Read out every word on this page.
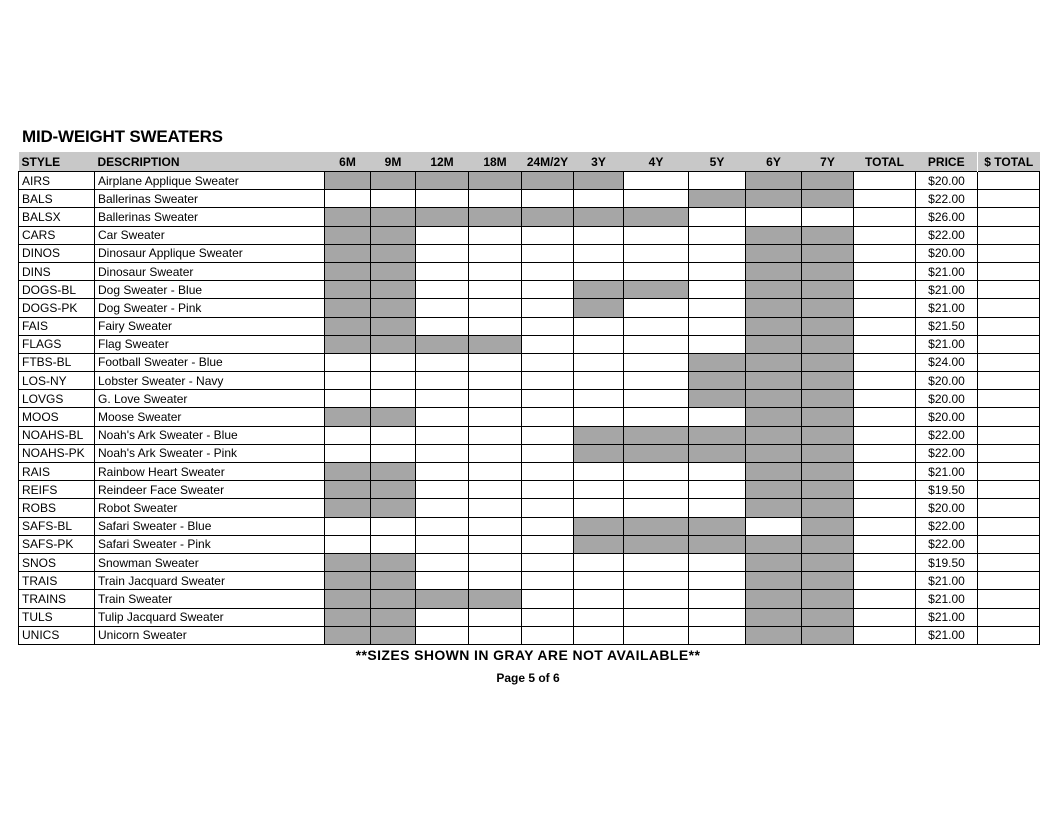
MID-WEIGHT SWEATERS
STYLE	DESCRIPTION	6M	9M	12M	18M	24M/2Y	3Y	4Y	5Y	6Y	7Y	TOTAL	PRICE	$ TOTAL
AIRS	Airplane Applique Sweater												$20.00	
BALS	Ballerinas Sweater												$22.00	
BALSX	Ballerinas Sweater												$26.00	
CARS	Car Sweater												$22.00	
DINOS	Dinosaur Applique Sweater												$20.00	
DINS	Dinosaur Sweater												$21.00	
DOGS-BL	Dog Sweater - Blue												$21.00	
DOGS-PK	Dog Sweater - Pink												$21.00	
FAIS	Fairy Sweater												$21.50	
FLAGS	Flag Sweater												$21.00	
FTBS-BL	Football Sweater - Blue												$24.00	
LOS-NY	Lobster Sweater - Navy												$20.00	
LOVGS	G. Love Sweater												$20.00	
MOOS	Moose Sweater												$20.00	
NOAHS-BL	Noah's Ark Sweater - Blue												$22.00	
NOAHS-PK	Noah's Ark Sweater - Pink												$22.00	
RAIS	Rainbow Heart Sweater												$21.00	
REIFS	Reindeer Face Sweater												$19.50	
ROBS	Robot Sweater												$20.00	
SAFS-BL	Safari Sweater - Blue												$22.00	
SAFS-PK	Safari Sweater - Pink												$22.00	
SNOS	Snowman Sweater												$19.50	
TRAIS	Train Jacquard Sweater												$21.00	
TRAINS	Train Sweater												$21.00	
TULS	Tulip Jacquard Sweater												$21.00	
UNICS	Unicorn Sweater												$21.00	
**SIZES SHOWN IN GRAY ARE NOT AVAILABLE**
Page 5 of 6
